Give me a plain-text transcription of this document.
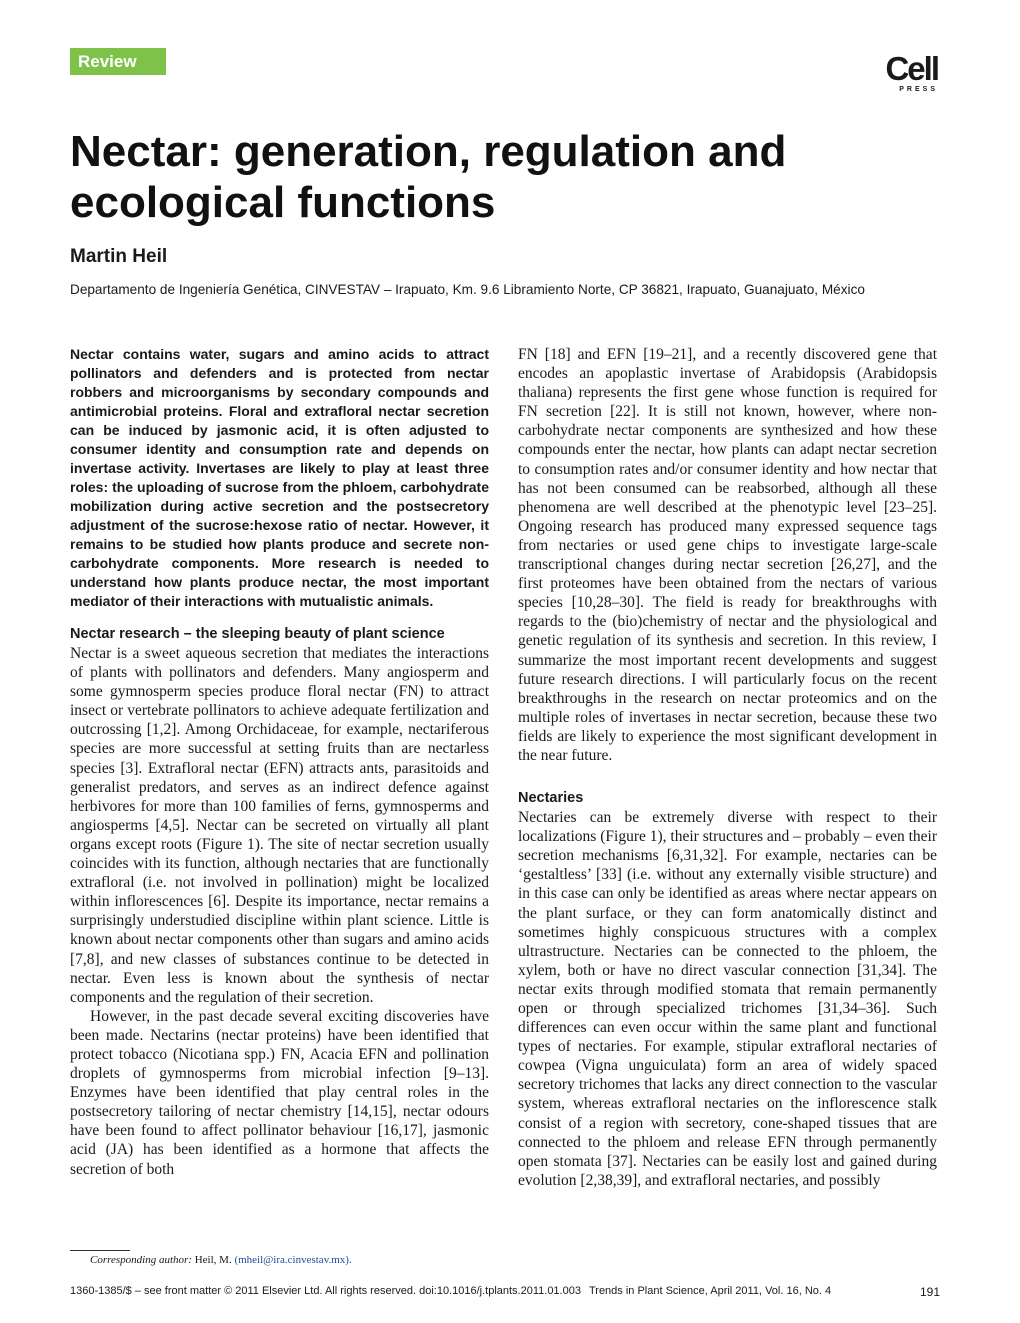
Review	Cell
PRESS
Nectar: generation, regulation and ecological functions
Martin Heil
Departamento de Ingeniería Genética, CINVESTAV – Irapuato, Km. 9.6 Libramiento Norte, CP 36821, Irapuato, Guanajuato, México

Nectar contains water, sugars and amino acids to attract pollinators and defenders and is protected from nectar robbers and microorganisms by secondary compounds and antimicrobial proteins. Floral and extrafloral nectar secretion can be induced by jasmonic acid, it is often adjusted to consumer identity and consumption rate and depends on invertase activity. Invertases are likely to play at least three roles: the uploading of sucrose from the phloem, carbohydrate mobilization during active secretion and the postsecretory adjustment of the sucrose:hexose ratio of nectar. However, it remains to be studied how plants produce and secrete non-carbohydrate components. More research is needed to understand how plants produce nectar, the most important mediator of their interactions with mutualistic animals.

Nectar research – the sleeping beauty of plant science

Nectar is a sweet aqueous secretion that mediates the interactions of plants with pollinators and defenders. Many angiosperm and some gymnosperm species produce floral nectar (FN) to attract insect or vertebrate pollinators to achieve adequate fertilization and outcrossing [1,2]. Among Orchidaceae, for example, nectariferous species are more successful at setting fruits than are nectarless species [3]. Extrafloral nectar (EFN) attracts ants, parasitoids and generalist predators, and serves as an indirect defence against herbivores for more than 100 families of ferns, gymnosperms and angiosperms [4,5]. Nectar can be secreted on virtually all plant organs except roots (Figure 1). The site of nectar secretion usually coincides with its function, although nectaries that are functionally extrafloral (i.e. not involved in pollination) might be localized within inflorescences [6]. Despite its importance, nectar remains a surprisingly understudied discipline within plant science. Little is known about nectar components other than sugars and amino acids [7,8], and new classes of substances continue to be detected in nectar. Even less is known about the synthesis of nectar components and the regulation of their secretion.

However, in the past decade several exciting discoveries have been made. Nectarins (nectar proteins) have been identified that protect tobacco (Nicotiana spp.) FN, Acacia EFN and pollination droplets of gymnosperms from microbial infection [9–13]. Enzymes have been identified that play central roles in the postsecretory tailoring of nectar chemistry [14,15], nectar odours have been found to affect pollinator behaviour [16,17], jasmonic acid (JA) has been identified as a hormone that affects the secretion of both

FN [18] and EFN [19–21], and a recently discovered gene that encodes an apoplastic invertase of Arabidopsis (Arabidopsis thaliana) represents the first gene whose function is required for FN secretion [22]. It is still not known, however, where non-carbohydrate nectar components are synthesized and how these compounds enter the nectar, how plants can adapt nectar secretion to consumption rates and/or consumer identity and how nectar that has not been consumed can be reabsorbed, although all these phenomena are well described at the phenotypic level [23–25]. Ongoing research has produced many expressed sequence tags from nectaries or used gene chips to investigate large-scale transcriptional changes during nectar secretion [26,27], and the first proteomes have been obtained from the nectars of various species [10,28–30]. The field is ready for breakthroughs with regards to the (bio)chemistry of nectar and the physiological and genetic regulation of its synthesis and secretion. In this review, I summarize the most important recent developments and suggest future research directions. I will particularly focus on the recent breakthroughs in the research on nectar proteomics and on the multiple roles of invertases in nectar secretion, because these two fields are likely to experience the most significant development in the near future.

Nectaries

Nectaries can be extremely diverse with respect to their localizations (Figure 1), their structures and – probably – even their secretion mechanisms [6,31,32]. For example, nectaries can be ‘gestaltless’ [33] (i.e. without any externally visible structure) and in this case can only be identified as areas where nectar appears on the plant surface, or they can form anatomically distinct and sometimes highly conspicuous structures with a complex ultrastructure. Nectaries can be connected to the phloem, the xylem, both or have no direct vascular connection [31,34]. The nectar exits through modified stomata that remain permanently open or through specialized trichomes [31,34–36]. Such differences can even occur within the same plant and functional types of nectaries. For example, stipular extrafloral nectaries of cowpea (Vigna unguiculata) form an area of widely spaced secretory trichomes that lacks any direct connection to the vascular system, whereas extrafloral nectaries on the inflorescence stalk consist of a region with secretory, cone-shaped tissues that are connected to the phloem and release EFN through permanently open stomata [37]. Nectaries can be easily lost and gained during evolution [2,38,39], and extrafloral nectaries, and possibly

Corresponding author: Heil, M. (mheil@ira.cinvestav.mx).
1360-1385/$ – see front matter © 2011 Elsevier Ltd. All rights reserved. doi:10.1016/j.tplants.2011.01.003 Trends in Plant Science, April 2011, Vol. 16, No. 4	191
